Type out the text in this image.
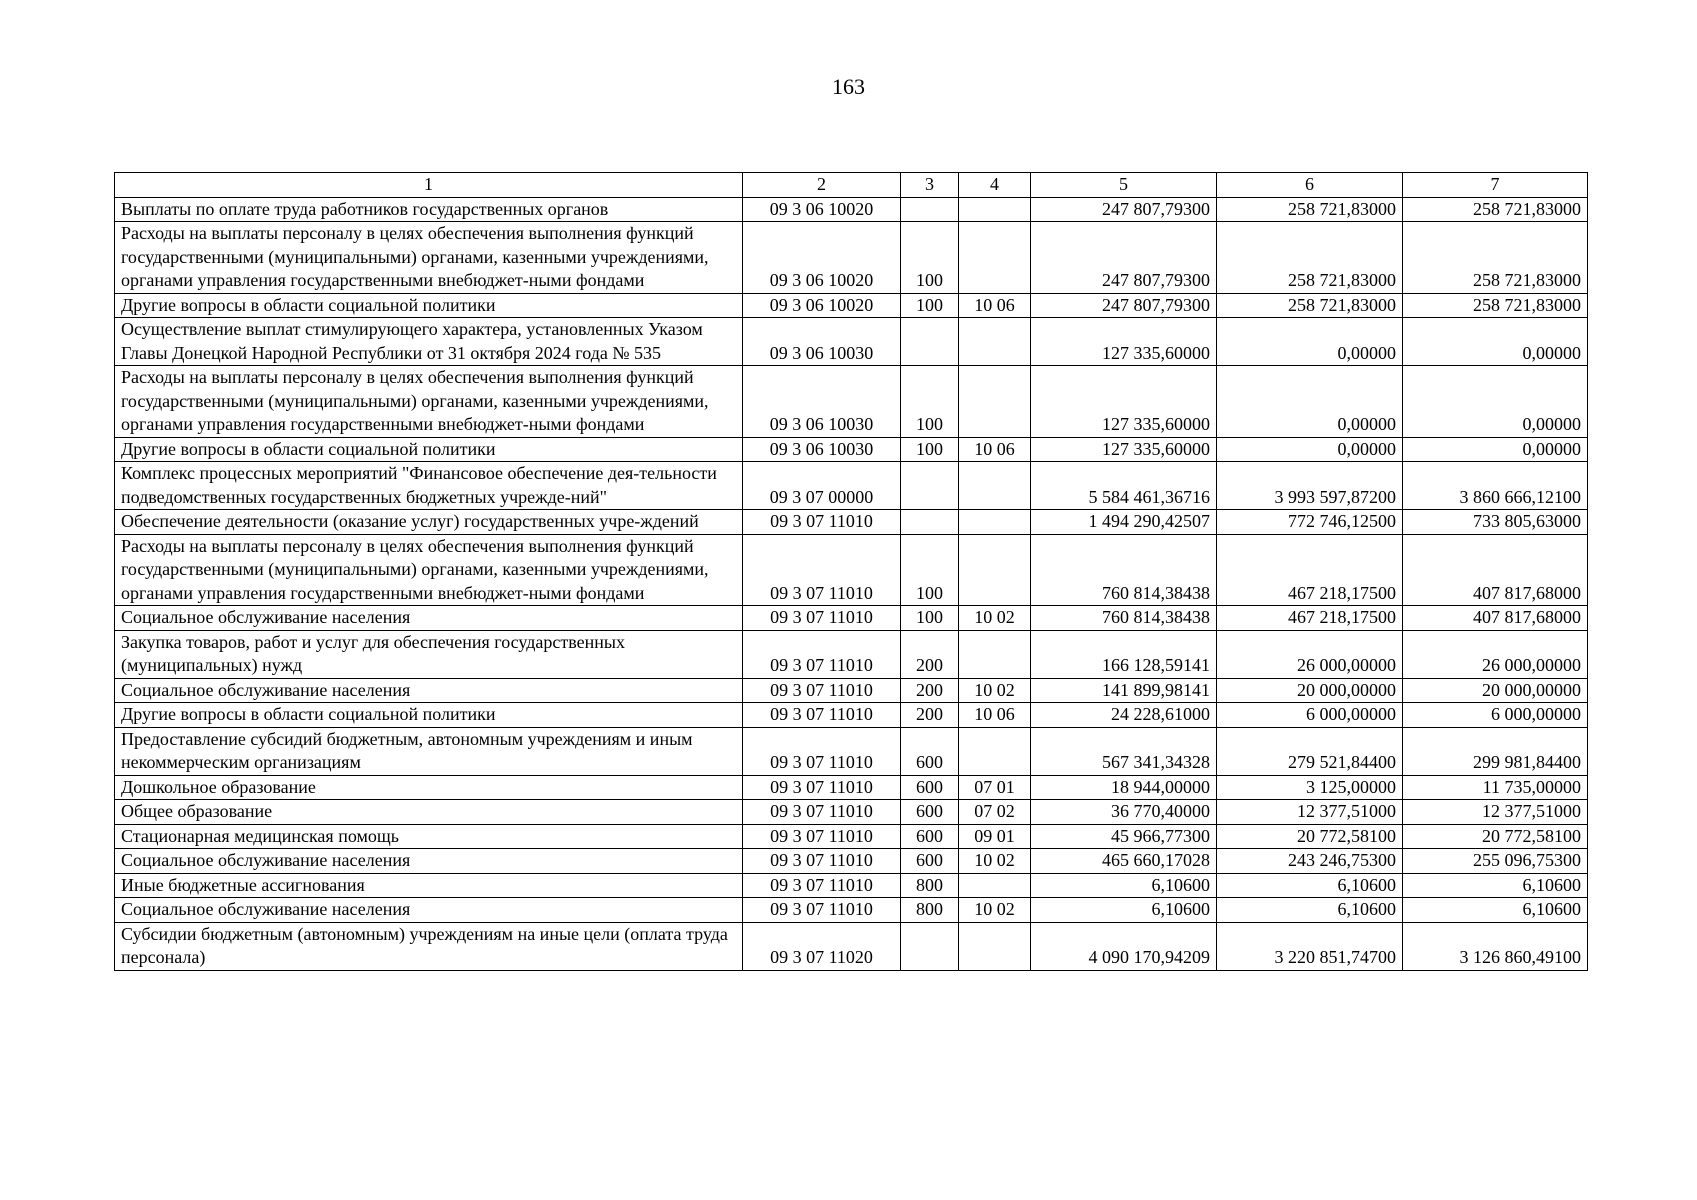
163
1	2	3	4	5	6	7
Выплаты по оплате труда работников государственных органов	09 3 06 10020			247 807,79300	258 721,83000	258 721,83000
Расходы на выплаты персоналу в целях обеспечения выполнения функций государственными (муниципальными) органами, казенными учреждениями, органами управления государственными внебюджет-ными фондами	09 3 06 10020	100		247 807,79300	258 721,83000	258 721,83000
Другие вопросы в области социальной политики	09 3 06 10020	100	10 06	247 807,79300	258 721,83000	258 721,83000
Осуществление выплат стимулирующего характера, установленных Указом Главы Донецкой Народной Республики от 31 октября 2024 года № 535	09 3 06 10030			127 335,60000	0,00000	0,00000
Расходы на выплаты персоналу в целях обеспечения выполнения функций государственными (муниципальными) органами, казенными учреждениями, органами управления государственными внебюджет-ными фондами	09 3 06 10030	100		127 335,60000	0,00000	0,00000
Другие вопросы в области социальной политики	09 3 06 10030	100	10 06	127 335,60000	0,00000	0,00000
Комплекс процессных мероприятий "Финансовое обеспечение дея-тельности подведомственных государственных бюджетных учрежде-ний"	09 3 07 00000			5 584 461,36716	3 993 597,87200	3 860 666,12100
Обеспечение деятельности (оказание услуг) государственных учре-ждений	09 3 07 11010			1 494 290,42507	772 746,12500	733 805,63000
Расходы на выплаты персоналу в целях обеспечения выполнения функций государственными (муниципальными) органами, казенными учреждениями, органами управления государственными внебюджет-ными фондами	09 3 07 11010	100		760 814,38438	467 218,17500	407 817,68000
Социальное обслуживание населения	09 3 07 11010	100	10 02	760 814,38438	467 218,17500	407 817,68000
Закупка товаров, работ и услуг для обеспечения государственных (муниципальных) нужд	09 3 07 11010	200		166 128,59141	26 000,00000	26 000,00000
Социальное обслуживание населения	09 3 07 11010	200	10 02	141 899,98141	20 000,00000	20 000,00000
Другие вопросы в области социальной политики	09 3 07 11010	200	10 06	24 228,61000	6 000,00000	6 000,00000
Предоставление субсидий бюджетным, автономным учреждениям и иным некоммерческим организациям	09 3 07 11010	600		567 341,34328	279 521,84400	299 981,84400
Дошкольное образование	09 3 07 11010	600	07 01	18 944,00000	3 125,00000	11 735,00000
Общее образование	09 3 07 11010	600	07 02	36 770,40000	12 377,51000	12 377,51000
Стационарная медицинская помощь	09 3 07 11010	600	09 01	45 966,77300	20 772,58100	20 772,58100
Социальное обслуживание населения	09 3 07 11010	600	10 02	465 660,17028	243 246,75300	255 096,75300
Иные бюджетные ассигнования	09 3 07 11010	800		6,10600	6,10600	6,10600
Социальное обслуживание населения	09 3 07 11010	800	10 02	6,10600	6,10600	6,10600
Субсидии бюджетным (автономным) учреждениям на иные цели (оплата труда персонала)	09 3 07 11020			4 090 170,94209	3 220 851,74700	3 126 860,49100
